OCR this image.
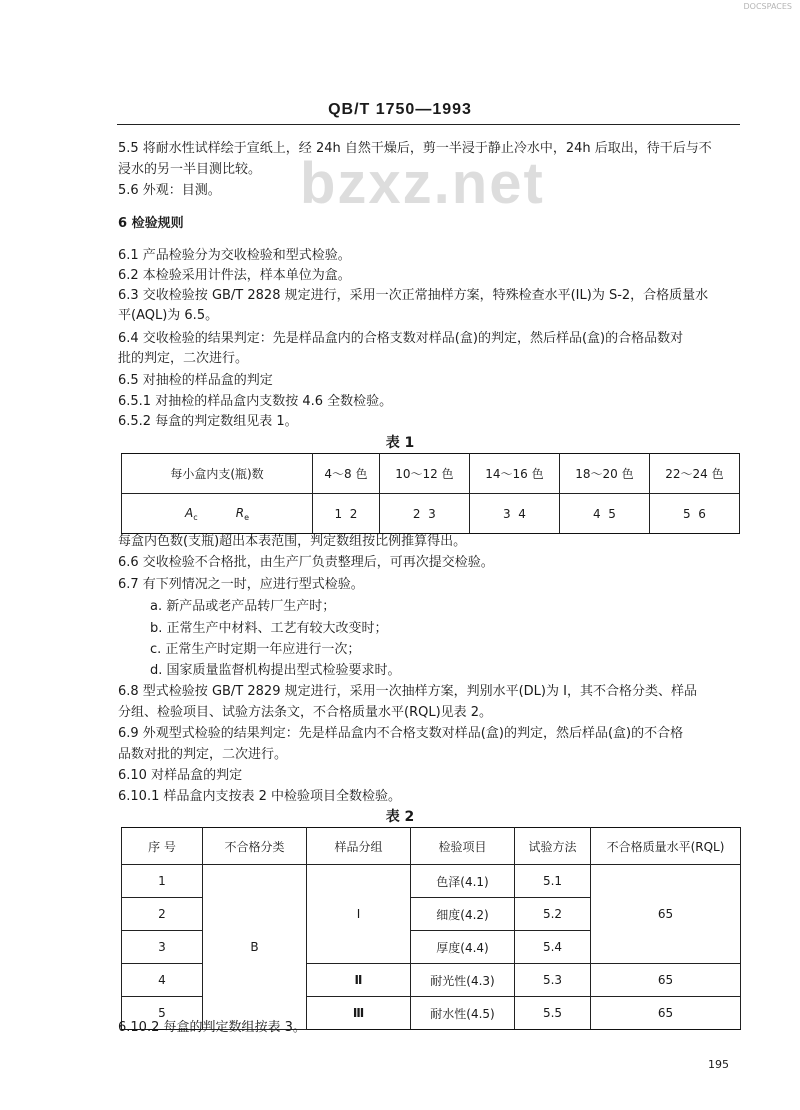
DOCSPACES
QB/T 1750—1993
bzxz.net
5.5 将耐水性试样绘于宣纸上，经 24h 自然干燥后，剪一半浸于静止冷水中，24h 后取出，待干后与不
浸水的另一半目测比较。
5.6 外观：目测。
6 检验规则
6.1 产品检验分为交收检验和型式检验。
6.2 本检验采用计件法，样本单位为盒。
6.3 交收检验按 GB/T 2828 规定进行，采用一次正常抽样方案，特殊检查水平(IL)为 S-2，合格质量水
平(AQL)为 6.5。
6.4 交收检验的结果判定：先是样品盒内的合格支数对样品(盒)的判定，然后样品(盒)的合格品数对
批的判定，二次进行。
6.5 对抽检的样品盒的判定
6.5.1 对抽检的样品盒内支数按 4.6 全数检验。
6.5.2 每盒的判定数组见表 1。
表 1
每小盒内支(瓶)数	4～8 色	10～12 色	14～16 色	18～20 色	22～24 色
$A_c$ $R_e$	1  2	2  3	3  4	4  5	5  6
每盒内色数(支瓶)超出本表范围，判定数组按比例推算得出。
6.6 交收检验不合格批，由生产厂负责整理后，可再次提交检验。
6.7 有下列情况之一时，应进行型式检验。
a. 新产品或老产品转厂生产时；
b. 正常生产中材料、工艺有较大改变时；
c. 正常生产时定期一年应进行一次；
d. 国家质量监督机构提出型式检验要求时。
6.8 型式检验按 GB/T 2829 规定进行，采用一次抽样方案，判别水平(DL)为 Ⅰ，其不合格分类、样品
分组、检验项目、试验方法条文，不合格质量水平(RQL)见表 2。
6.9 外观型式检验的结果判定：先是样品盒内不合格支数对样品(盒)的判定，然后样品(盒)的不合格
品数对批的判定，二次进行。
6.10 对样品盒的判定
6.10.1 样品盒内支按表 2 中检验项目全数检验。
表 2
序 号	不合格分类	样品分组	检验项目	试验方法	不合格质量水平(RQL)
1	B	Ⅰ	色泽(4.1)	5.1	65
2			细度(4.2)	5.2	
3			厚度(4.4)	5.4	
4		Ⅱ	耐光性(4.3)	5.3	65
5		Ⅲ	耐水性(4.5)	5.5	65
6.10.2 每盒的判定数组按表 3。
195
